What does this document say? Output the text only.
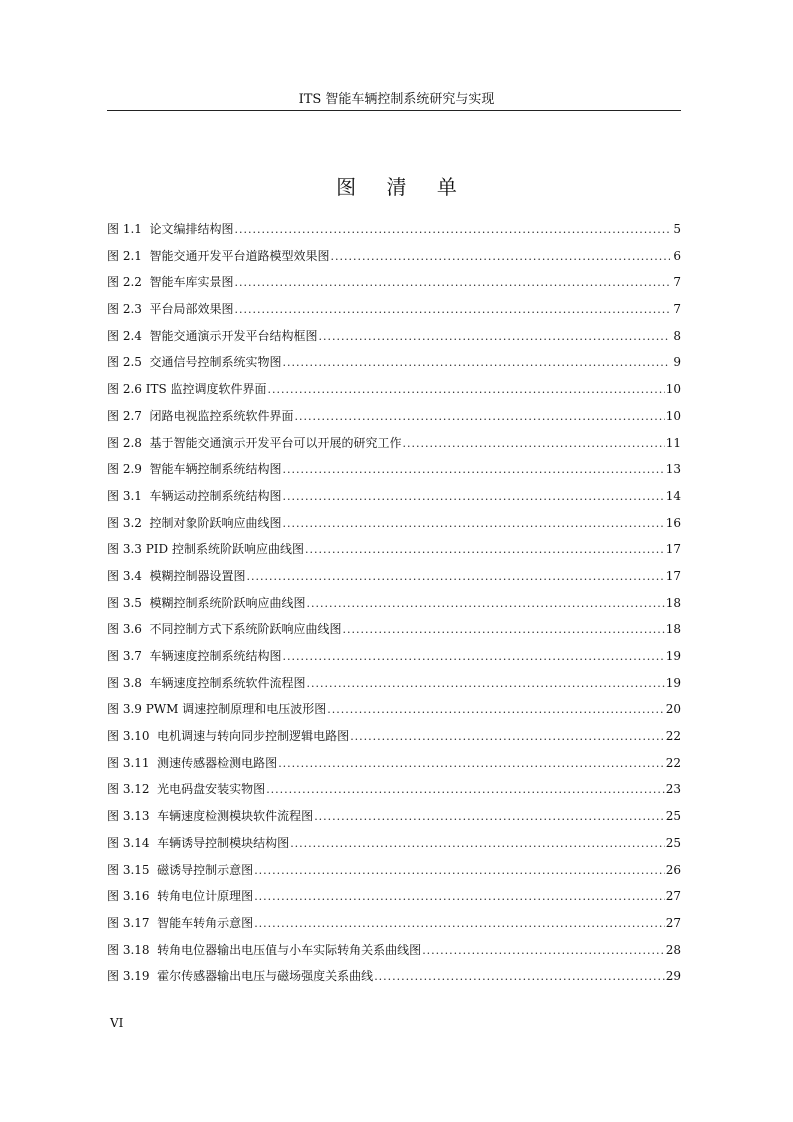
ITS 智能车辆控制系统研究与实现
图 清 单
图 1.1 论文编排结构图 .....	5
图 2.1 智能交通开发平台道路模型效果图 .....	6
图 2.2 智能车库实景图 .....	7
图 2.3 平台局部效果图 .....	7
图 2.4 智能交通演示开发平台结构框图 .....	8
图 2.5 交通信号控制系统实物图 .....	9
图 2.6 ITS 监控调度软件界面 .....	10
图 2.7 闭路电视监控系统软件界面 .....	10
图 2.8 基于智能交通演示开发平台可以开展的研究工作 .....	11
图 2.9 智能车辆控制系统结构图 .....	13
图 3.1 车辆运动控制系统结构图 .....	14
图 3.2 控制对象阶跃响应曲线图 .....	16
图 3.3 PID 控制系统阶跃响应曲线图 .....	17
图 3.4 模糊控制器设置图 .....	17
图 3.5 模糊控制系统阶跃响应曲线图 .....	18
图 3.6 不同控制方式下系统阶跃响应曲线图 .....	18
图 3.7 车辆速度控制系统结构图 .....	19
图 3.8 车辆速度控制系统软件流程图 .....	19
图 3.9 PWM 调速控制原理和电压波形图 .....	20
图 3.10 电机调速与转向同步控制逻辑电路图 .....	22
图 3.11 测速传感器检测电路图 .....	22
图 3.12 光电码盘安装实物图 .....	23
图 3.13 车辆速度检测模块软件流程图 .....	25
图 3.14 车辆诱导控制模块结构图 .....	25
图 3.15 磁诱导控制示意图 .....	26
图 3.16 转角电位计原理图 .....	27
图 3.17 智能车转角示意图 .....	27
图 3.18 转角电位器输出电压值与小车实际转角关系曲线图 .....	28
图 3.19 霍尔传感器输出电压与磁场强度关系曲线 .....	29
VI
